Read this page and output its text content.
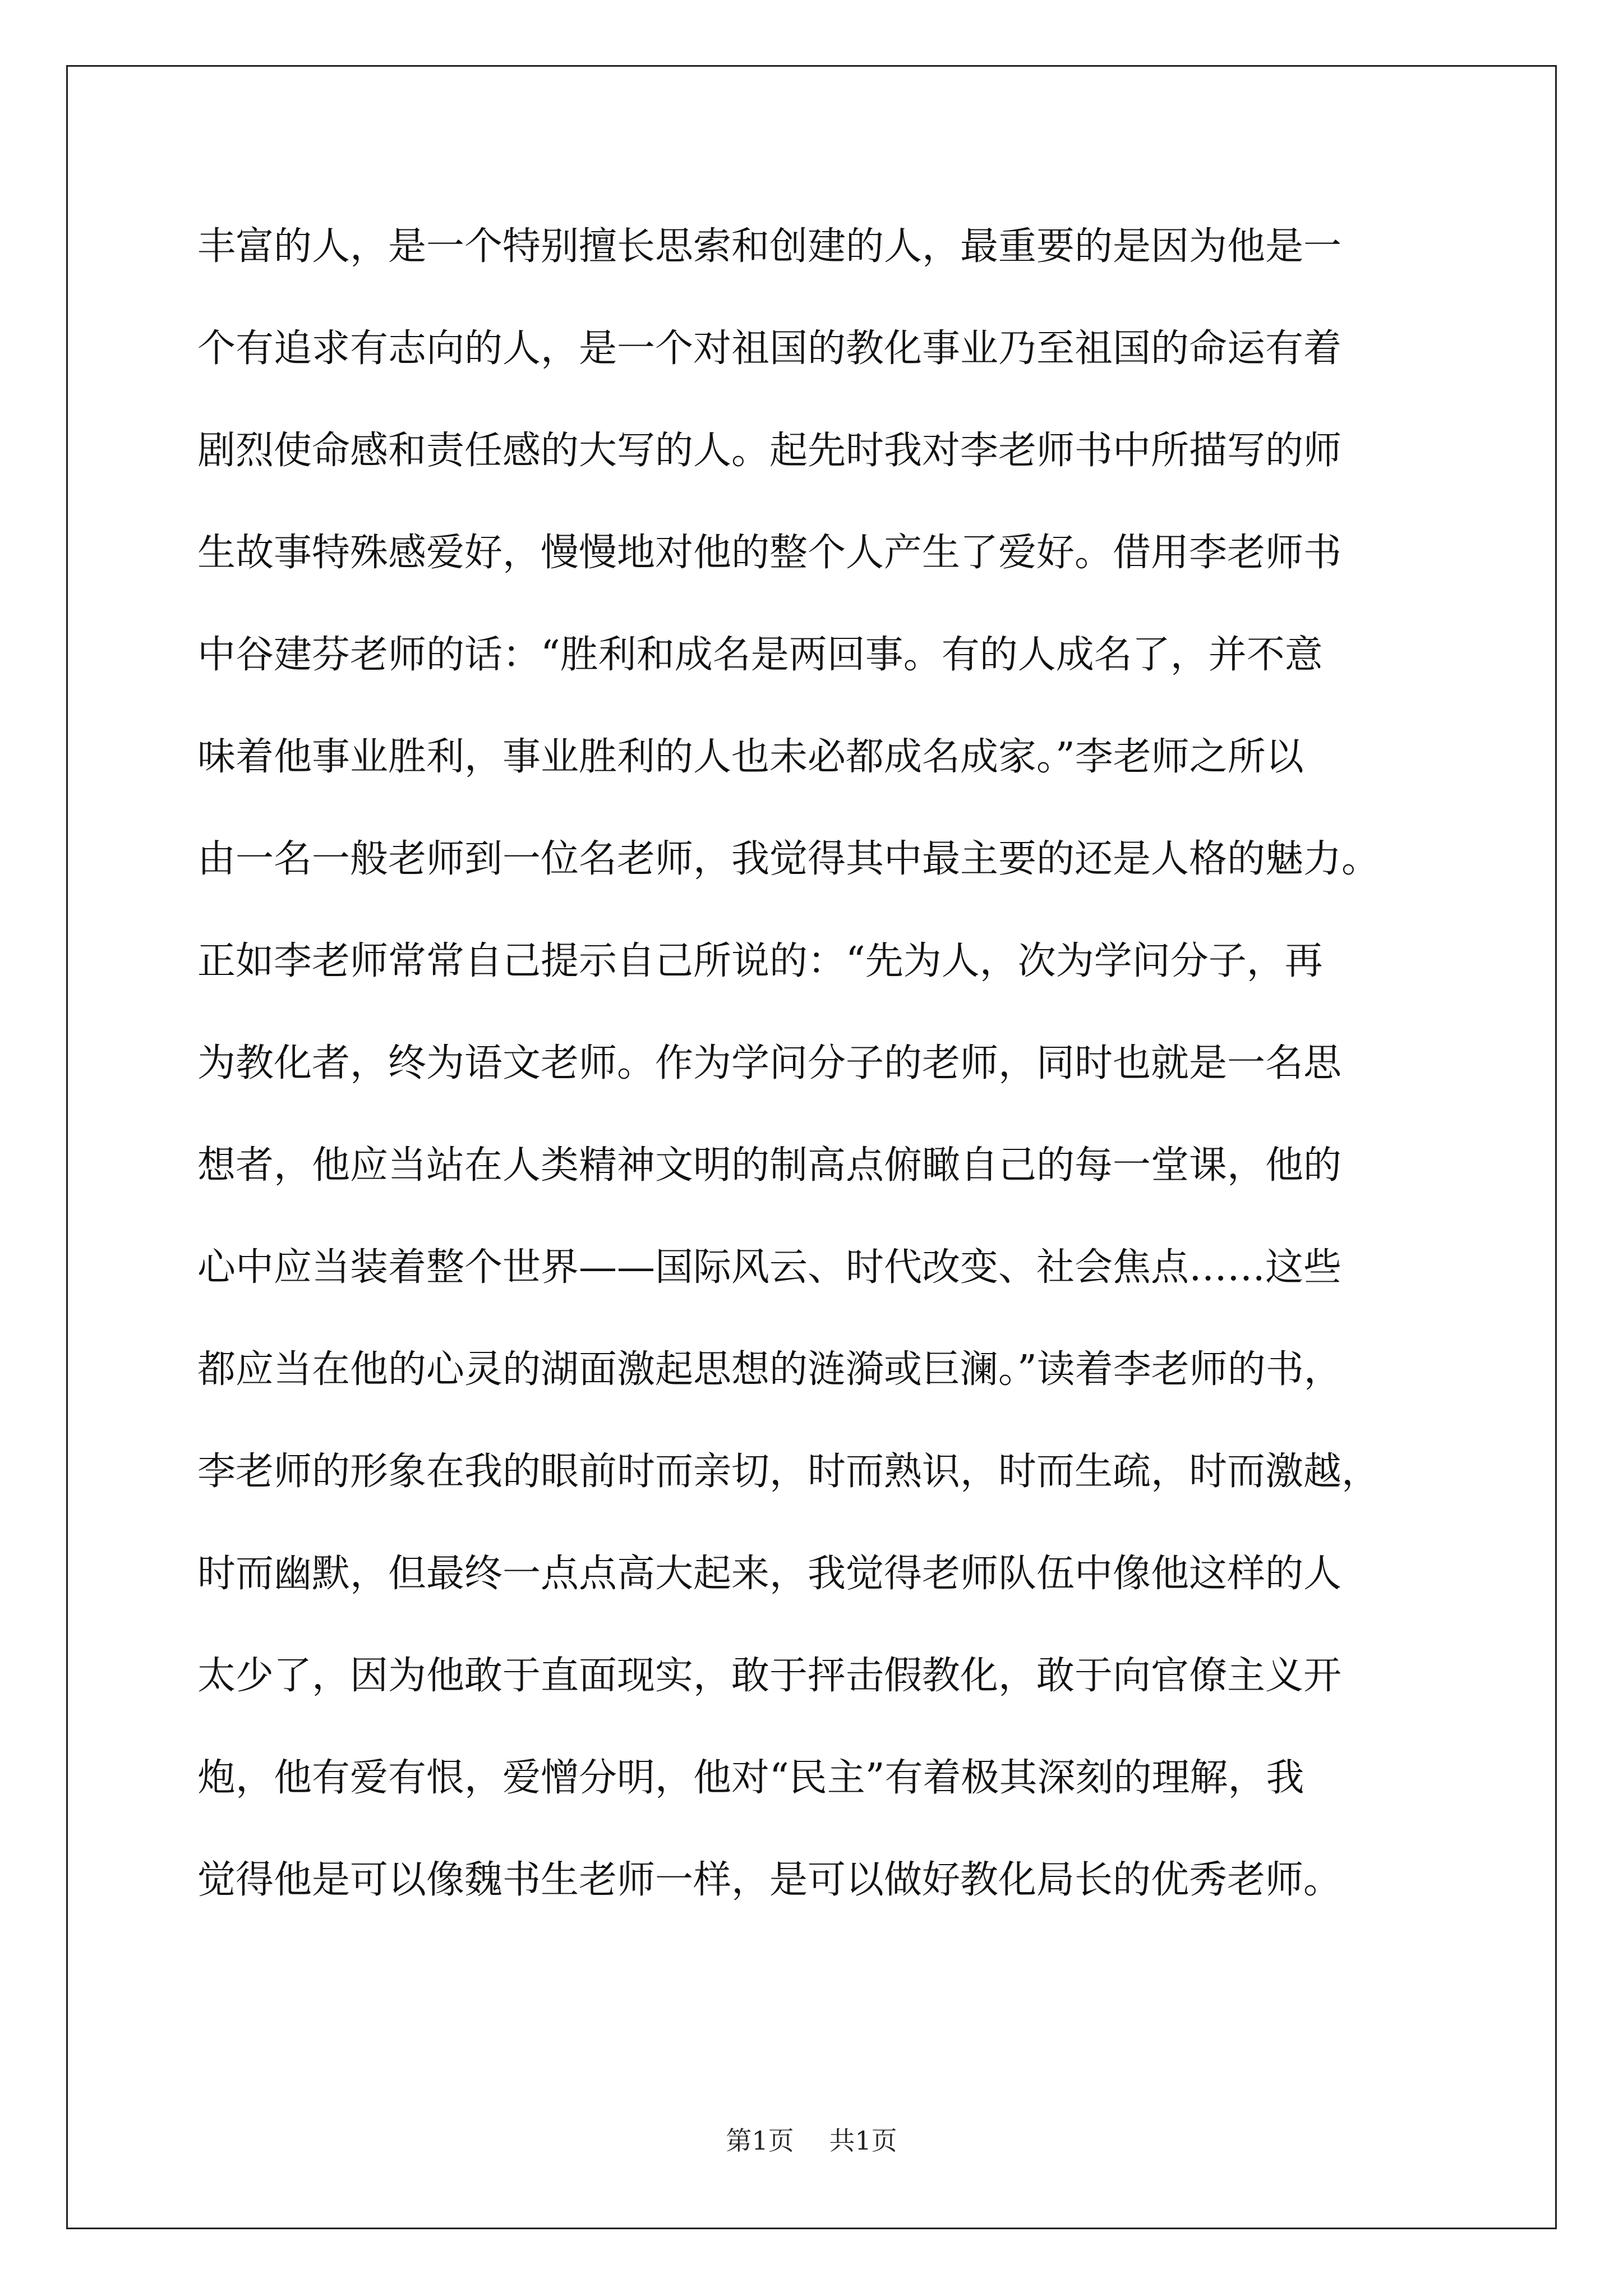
丰富的人，是一个特别擅长思索和创建的人，最重要的是因为他是一
个有追求有志向的人，是一个对祖国的教化事业乃至祖国的命运有着
剧烈使命感和责任感的大写的人。起先时我对李老师书中所描写的师
生故事特殊感爱好，慢慢地对他的整个人产生了爱好。借用李老师书
中谷建芬老师的话：“胜利和成名是两回事。有的人成名了，并不意
味着他事业胜利，事业胜利的人也未必都成名成家。”李老师之所以
由一名一般老师到一位名老师，我觉得其中最主要的还是人格的魅力。
正如李老师常常自己提示自己所说的：“先为人，次为学问分子，再
为教化者，终为语文老师。作为学问分子的老师，同时也就是一名思
想者，他应当站在人类精神文明的制高点俯瞰自己的每一堂课，他的
心中应当装着整个世界——国际风云、时代改变、社会焦点……这些
都应当在他的心灵的湖面激起思想的涟漪或巨澜。”读着李老师的书，
李老师的形象在我的眼前时而亲切，时而熟识，时而生疏，时而激越，
时而幽默，但最终一点点高大起来，我觉得老师队伍中像他这样的人
太少了，因为他敢于直面现实，敢于抨击假教化，敢于向官僚主义开
炮，他有爱有恨，爱憎分明，他对“民主”有着极其深刻的理解，我
觉得他是可以像魏书生老师一样，是可以做好教化局长的优秀老师。
第1页 共1页
